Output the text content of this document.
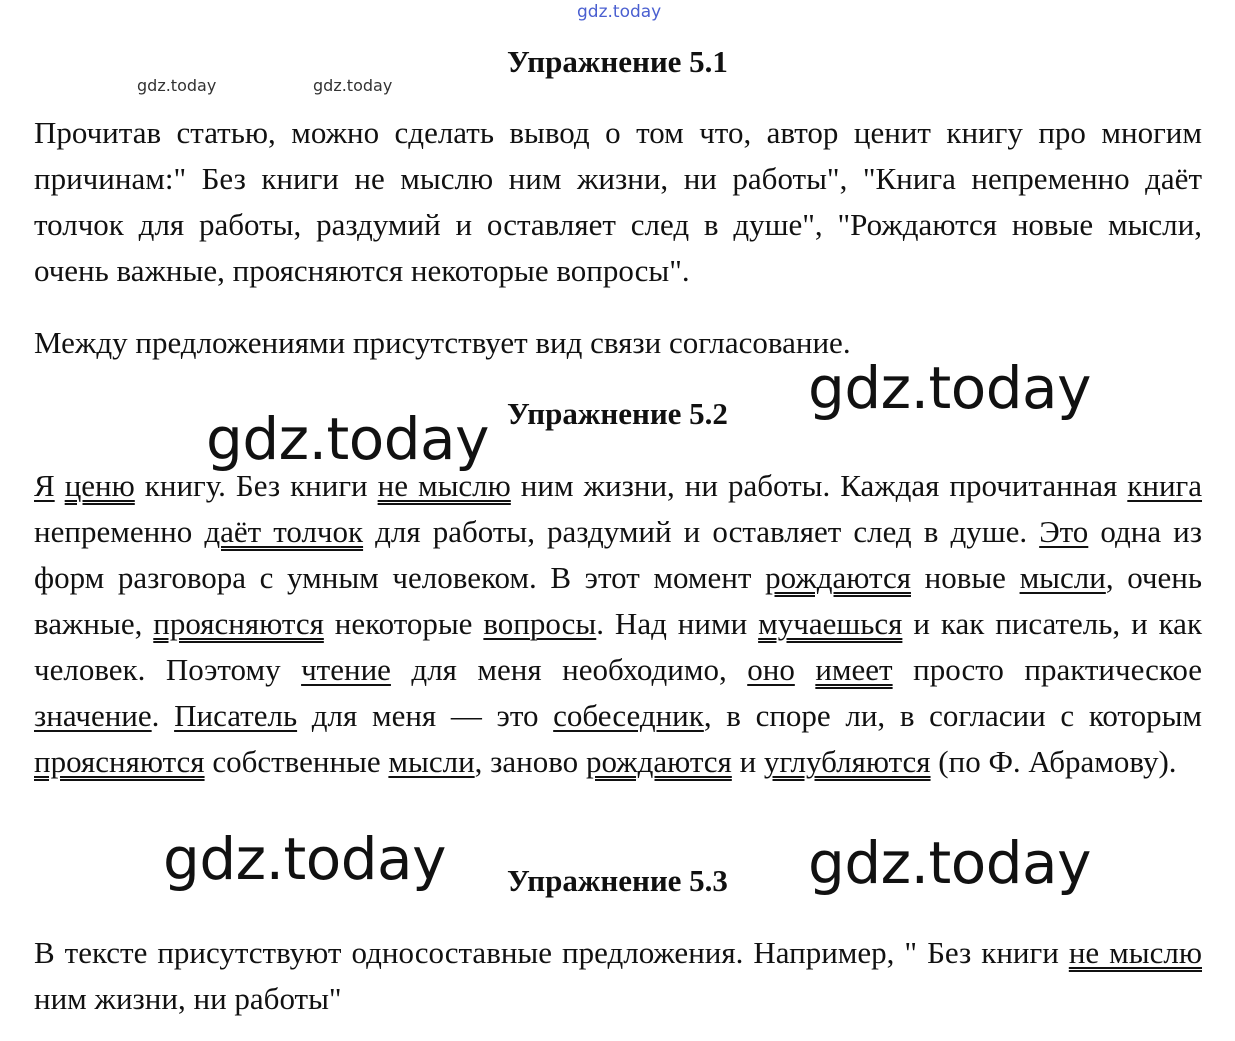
gdz.today
gdz.today	gdz.today
Упражнение 5.1

Прочитав статью, можно сделать вывод о том что, автор ценит книгу про многим причинам:" Без книги не мыслю ним жизни, ни работы", "Книга непременно даёт толчок для работы, раздумий и оставляет след в душе", "Рождаются новые мысли, очень важные, проясняются некоторые вопросы".

Между предложениями присутствует вид связи согласование.

gdz.today
Упражнение 5.2
gdz.today

Я ценю книгу. Без книги не мыслю ним жизни, ни работы. Каждая прочитанная книга непременно даёт толчок для работы, раздумий и оставляет след в душе. Это одна из форм разговора с умным человеком. В этот момент рождаются новые мысли, очень важные, проясняются некоторые вопросы. Над ними мучаешься и как писатель, и как человек. Поэтому чтение для меня необходимо, оно имеет просто практическое значение. Писатель для меня — это собеседник, в споре ли, в согласии с которым проясняются собственные мысли, заново рождаются и углубляются (по Ф. Абрамову).

Упражнение 5.3
gdz.today	gdz.today

В тексте присутствуют односоставные предложения. Например, " Без книги не мыслю ним жизни, ни работы"
